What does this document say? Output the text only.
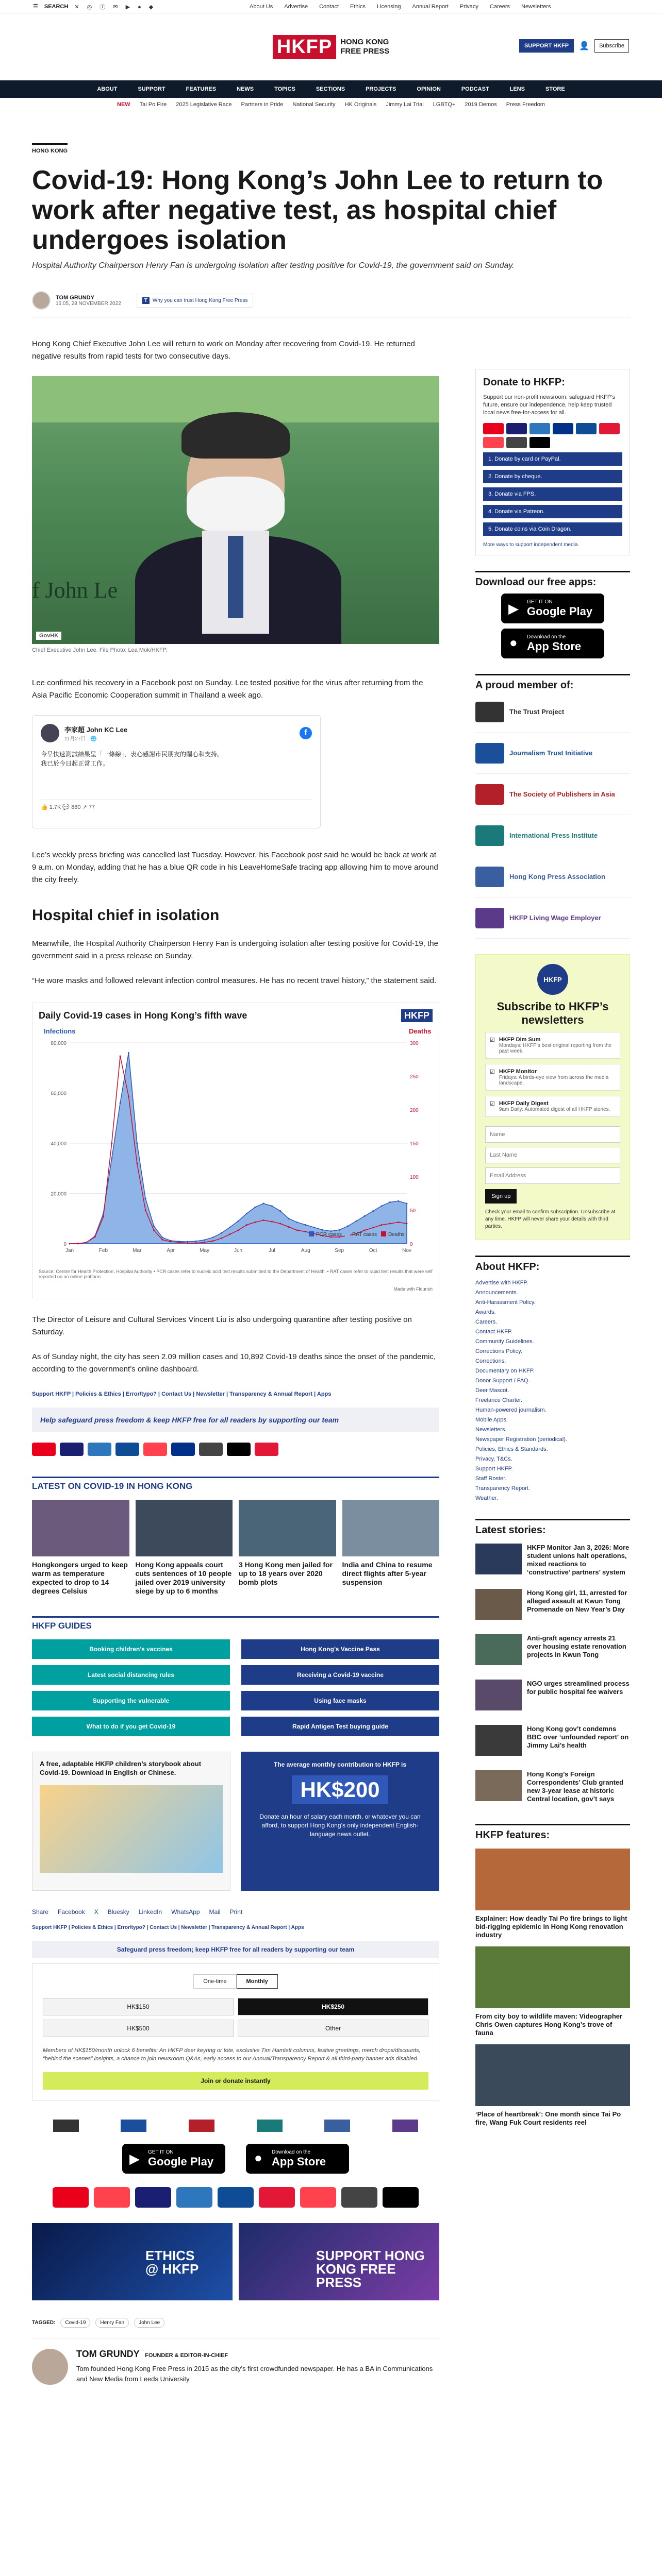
☰ SEARCH ✕ ◎ ⓕ ✉ ▶ ● ◆	About Us Advertise Contact Ethics Licensing Annual Report Privacy Careers Newsletters
HKFP	HONG KONG
FREE PRESS
SUPPORT HKFP	👤	Subscribe
ABOUT	SUPPORT	FEATURES	NEWS	TOPICS	SECTIONS	PROJECTS	OPINION	PODCAST	LENS	STORE
NEW Tai Po Fire 2025 Legislative Race Partners in Pride National Security HK Originals Jimmy Lai Trial LGBTQ+ 2019 Demos Press Freedom
HONG KONG
Covid-19: Hong Kong’s John Lee to return to work after negative test, as hospital chief undergoes isolation
Hospital Authority Chairperson Henry Fan is undergoing isolation after testing positive for Covid-19, the government said on Sunday.
TOM GRUNDY
16:05, 28 NOVEMBER 2022
T	Why you can trust Hong Kong Free Press

Hong Kong Chief Executive John Lee will return to work on Monday after recovering from Covid-19. He returned negative results from rapid tests for two consecutive days.

f John Le
GovHK
Chief Executive John Lee. File Photo: Lea Mok/HKFP.

Lee confirmed his recovery in a Facebook post on Sunday. Lee tested positive for the virus after returning from the Asia Pacific Economic Cooperation summit in Thailand a week ago.

李家超 John KC Lee
11月27日 · 🌐
f
今早快速測試結果呈「一條線」，衷心感謝市民朋友的關心和支持。
我已於今日起正常工作。
👍 1.7K 💬 880 ↗ 77

Lee’s weekly press briefing was cancelled last Tuesday. However, his Facebook post said he would be back at work at 9 a.m. on Monday, adding that he has a blue QR code in his LeaveHomeSafe tracing app allowing him to move around the city freely.

Hospital chief in isolation

Meanwhile, the Hospital Authority Chairperson Henry Fan is undergoing isolation after testing positive for Covid-19, the government said in a press release on Sunday.

“He wore masks and followed relevant infection control measures. He has no recent travel history,” the statement said.

Daily Covid-19 cases in Hong Kong’s fifth wave	HKFP
Infections	Deaths
80,000
60,000
40,000
20,000
0
300
250
200
150
100
50
0
Jan	Feb	Mar	Apr	May	Jun	Jul	Aug	Sep	Oct	Nov
PCR cases RAT cases Deaths
Source: Centre for Health Protection, Hospital Authority • PCR cases refer to nucleic acid test results submitted to the Department of Health. • RAT cases refer to rapid test results that were self reported on an online platform.
Made with Flourish

The Director of Leisure and Cultural Services Vincent Liu is also undergoing quarantine after testing positive on Saturday.

As of Sunday night, the city has seen 2.09 million cases and 10,892 Covid-19 deaths since the onset of the pandemic, according to the government’s online dashboard.

Support HKFP | Policies & Ethics | Error/typo? | Contact Us | Newsletter | Transparency & Annual Report | Apps
Help safeguard press freedom & keep HKFP free for all readers by supporting our team
LATEST ON COVID-19 IN HONG KONG
Hongkongers urged to keep warm as temperature expected to drop to 14 degrees Celsius
Hong Kong appeals court cuts sentences of 10 people jailed over 2019 university siege by up to 6 months
3 Hong Kong men jailed for up to 18 years over 2020 bomb plots
India and China to resume direct flights after 5-year suspension
HKFP GUIDES
Booking children’s vaccines	Hong Kong’s Vaccine Pass
Latest social distancing rules	Receiving a Covid-19 vaccine
Supporting the vulnerable	Using face masks
What to do if you get Covid-19	Rapid Antigen Test buying guide
A free, adaptable HKFP children’s storybook about Covid-19. Download in English or Chinese.
The average monthly contribution to HKFP is
HK$200
Donate an hour of salary each month, or whatever you can afford, to support Hong Kong’s only independent English-language news outlet.
Share Facebook X Bluesky LinkedIn WhatsApp Mail Print
Support HKFP | Policies & Ethics | Error/typo? | Contact Us | Newsletter | Transparency & Annual Report | Apps
Safeguard press freedom; keep HKFP free for all readers by supporting our team
One-time	Monthly
HK$150	HK$250
HK$500	Other
Members of HK$150/month unlock 6 benefits: An HKFP deer keyring or tote, exclusive Tim Hamlett columns, festive greetings, merch drops/discounts, “behind the scenes” insights, a chance to join newsroom Q&As, early access to our Annual/Transparency Report & all third-party banner ads disabled.
Join or donate instantly
▶ GET IT ON
Google Play	● Download on the
App Store
ETHICS
@ HKFP
SUPPORT HONG
KONG FREE PRESS
TAGGED:	Covid-19	Henry Fan	John Lee
TOM GRUNDY FOUNDER & EDITOR-IN-CHIEF
Tom founded Hong Kong Free Press in 2015 as the city’s first crowdfunded newspaper. He has a BA in Communications and New Media from Leeds University
Donate to HKFP:
Support our non-profit newsroom: safeguard HKFP’s future, ensure our independence, help keep trusted local news free-for-access for all.
1. Donate by card or PayPal.
2. Donate by cheque.
3. Donate via FPS.
4. Donate via Patreon.
5. Donate coins via Coin Dragon.
More ways to support independent media.
Download our free apps:
▶ GET IT ON
Google Play
● Download on the
App Store
A proud member of:
The Trust Project
Journalism Trust Initiative
The Society of Publishers in Asia
International Press Institute
Hong Kong Press Association
HKFP Living Wage Employer
HKFP
Subscribe to HKFP’s newsletters
☑ HKFP Dim Sum
Mondays: HKFP’s best original reporting from the past week.
☑ HKFP Monitor
Fridays: A birds-eye view from across the media landscape.
☑ HKFP Daily Digest
9am Daily: Automated digest of all HKFP stories.
NameLast NameEmail Address
Sign up
Check your email to confirm subscription. Unsubscribe at any time. HKFP will never share your details with third parties.
About HKFP:
Advertise with HKFP.
Announcements.
Anti-Harassment Policy.
Awards.
Careers.
Contact HKFP.
Community Guidelines.
Corrections Policy.
Corrections.
Documentary on HKFP.
Donor Support / FAQ.
Deer Mascot.
Freelance Charter.
Human-powered journalism.
Mobile Apps.
Newsletters.
Newspaper Registration (periodical).
Policies, Ethics & Standards.
Privacy, T&Cs.
Support HKFP.
Staff Roster.
Transparency Report.
Weather.
Latest stories:
HKFP Monitor Jan 3, 2026: More student unions halt operations, mixed reactions to ‘constructive’ partners’ system
Hong Kong girl, 11, arrested for alleged assault at Kwun Tong Promenade on New Year’s Day
Anti-graft agency arrests 21 over housing estate renovation projects in Kwun Tong
NGO urges streamlined process for public hospital fee waivers
Hong Kong gov’t condemns BBC over ‘unfounded report’ on Jimmy Lai’s health
Hong Kong’s Foreign Correspondents’ Club granted new 3-year lease at historic Central location, gov’t says
HKFP features:
Explainer: How deadly Tai Po fire brings to light bid-rigging epidemic in Hong Kong renovation industry
From city boy to wildlife maven: Videographer Chris Owen captures Hong Kong’s trove of fauna
‘Place of heartbreak’: One month since Tai Po fire, Wang Fuk Court residents reel
